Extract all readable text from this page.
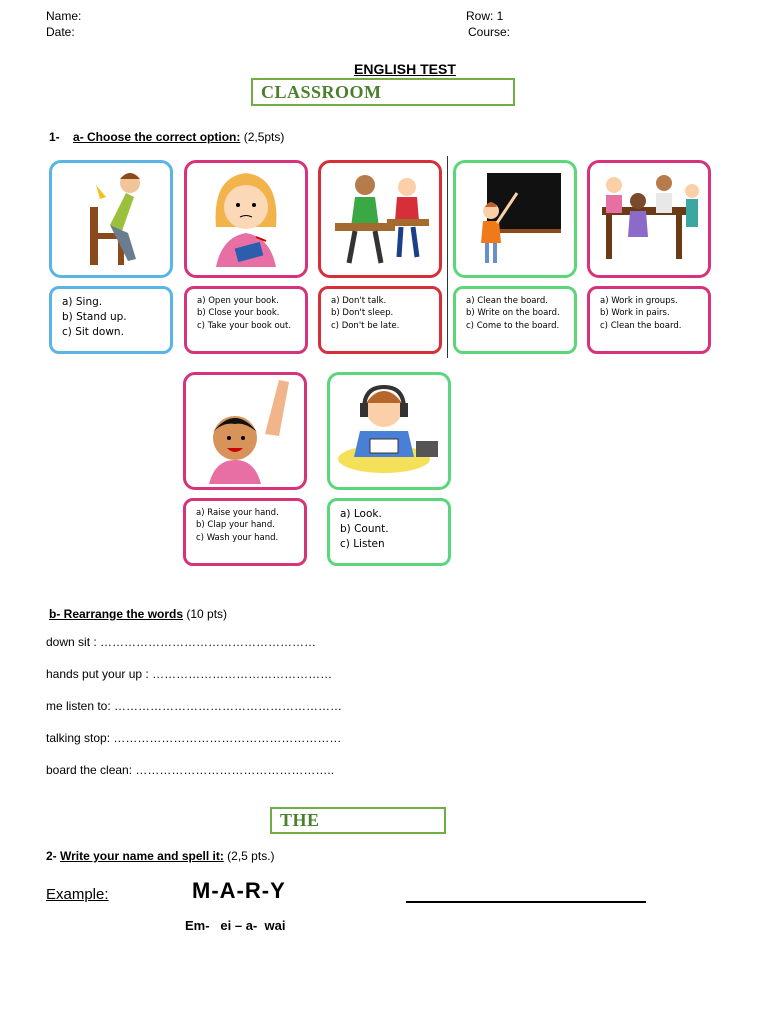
Name:
Date:
Row: 1
Course:
ENGLISH TEST
CLASSROOM
1- a- Choose the correct option: (2,5pts)
a) Sing.
b) Stand up.
c) Sit down.
a) Open your book.
b) Close your book.
c) Take your book out.
a) Don't talk.
b) Don't sleep.
c) Don't be late.
a) Clean the board.
b) Write on the board.
c) Come to the board.
a) Work in groups.
b) Work in pairs.
c) Clean the board.
a) Raise your hand.
b) Clap your hand.
c) Wash your hand.
a) Look.
b) Count.
c) Listen
b- Rearrange the words (10 pts)
down sit : ………………………………………………
hands put your up : ………………………………………
me listen to: …………………………………………………
talking stop: …………………………………………………
board the clean: …………………………………………..
THE
2- Write your name and spell it: (2,5 pts.)
Example:	M-A-R-Y
Em-   ei – a-  wai
